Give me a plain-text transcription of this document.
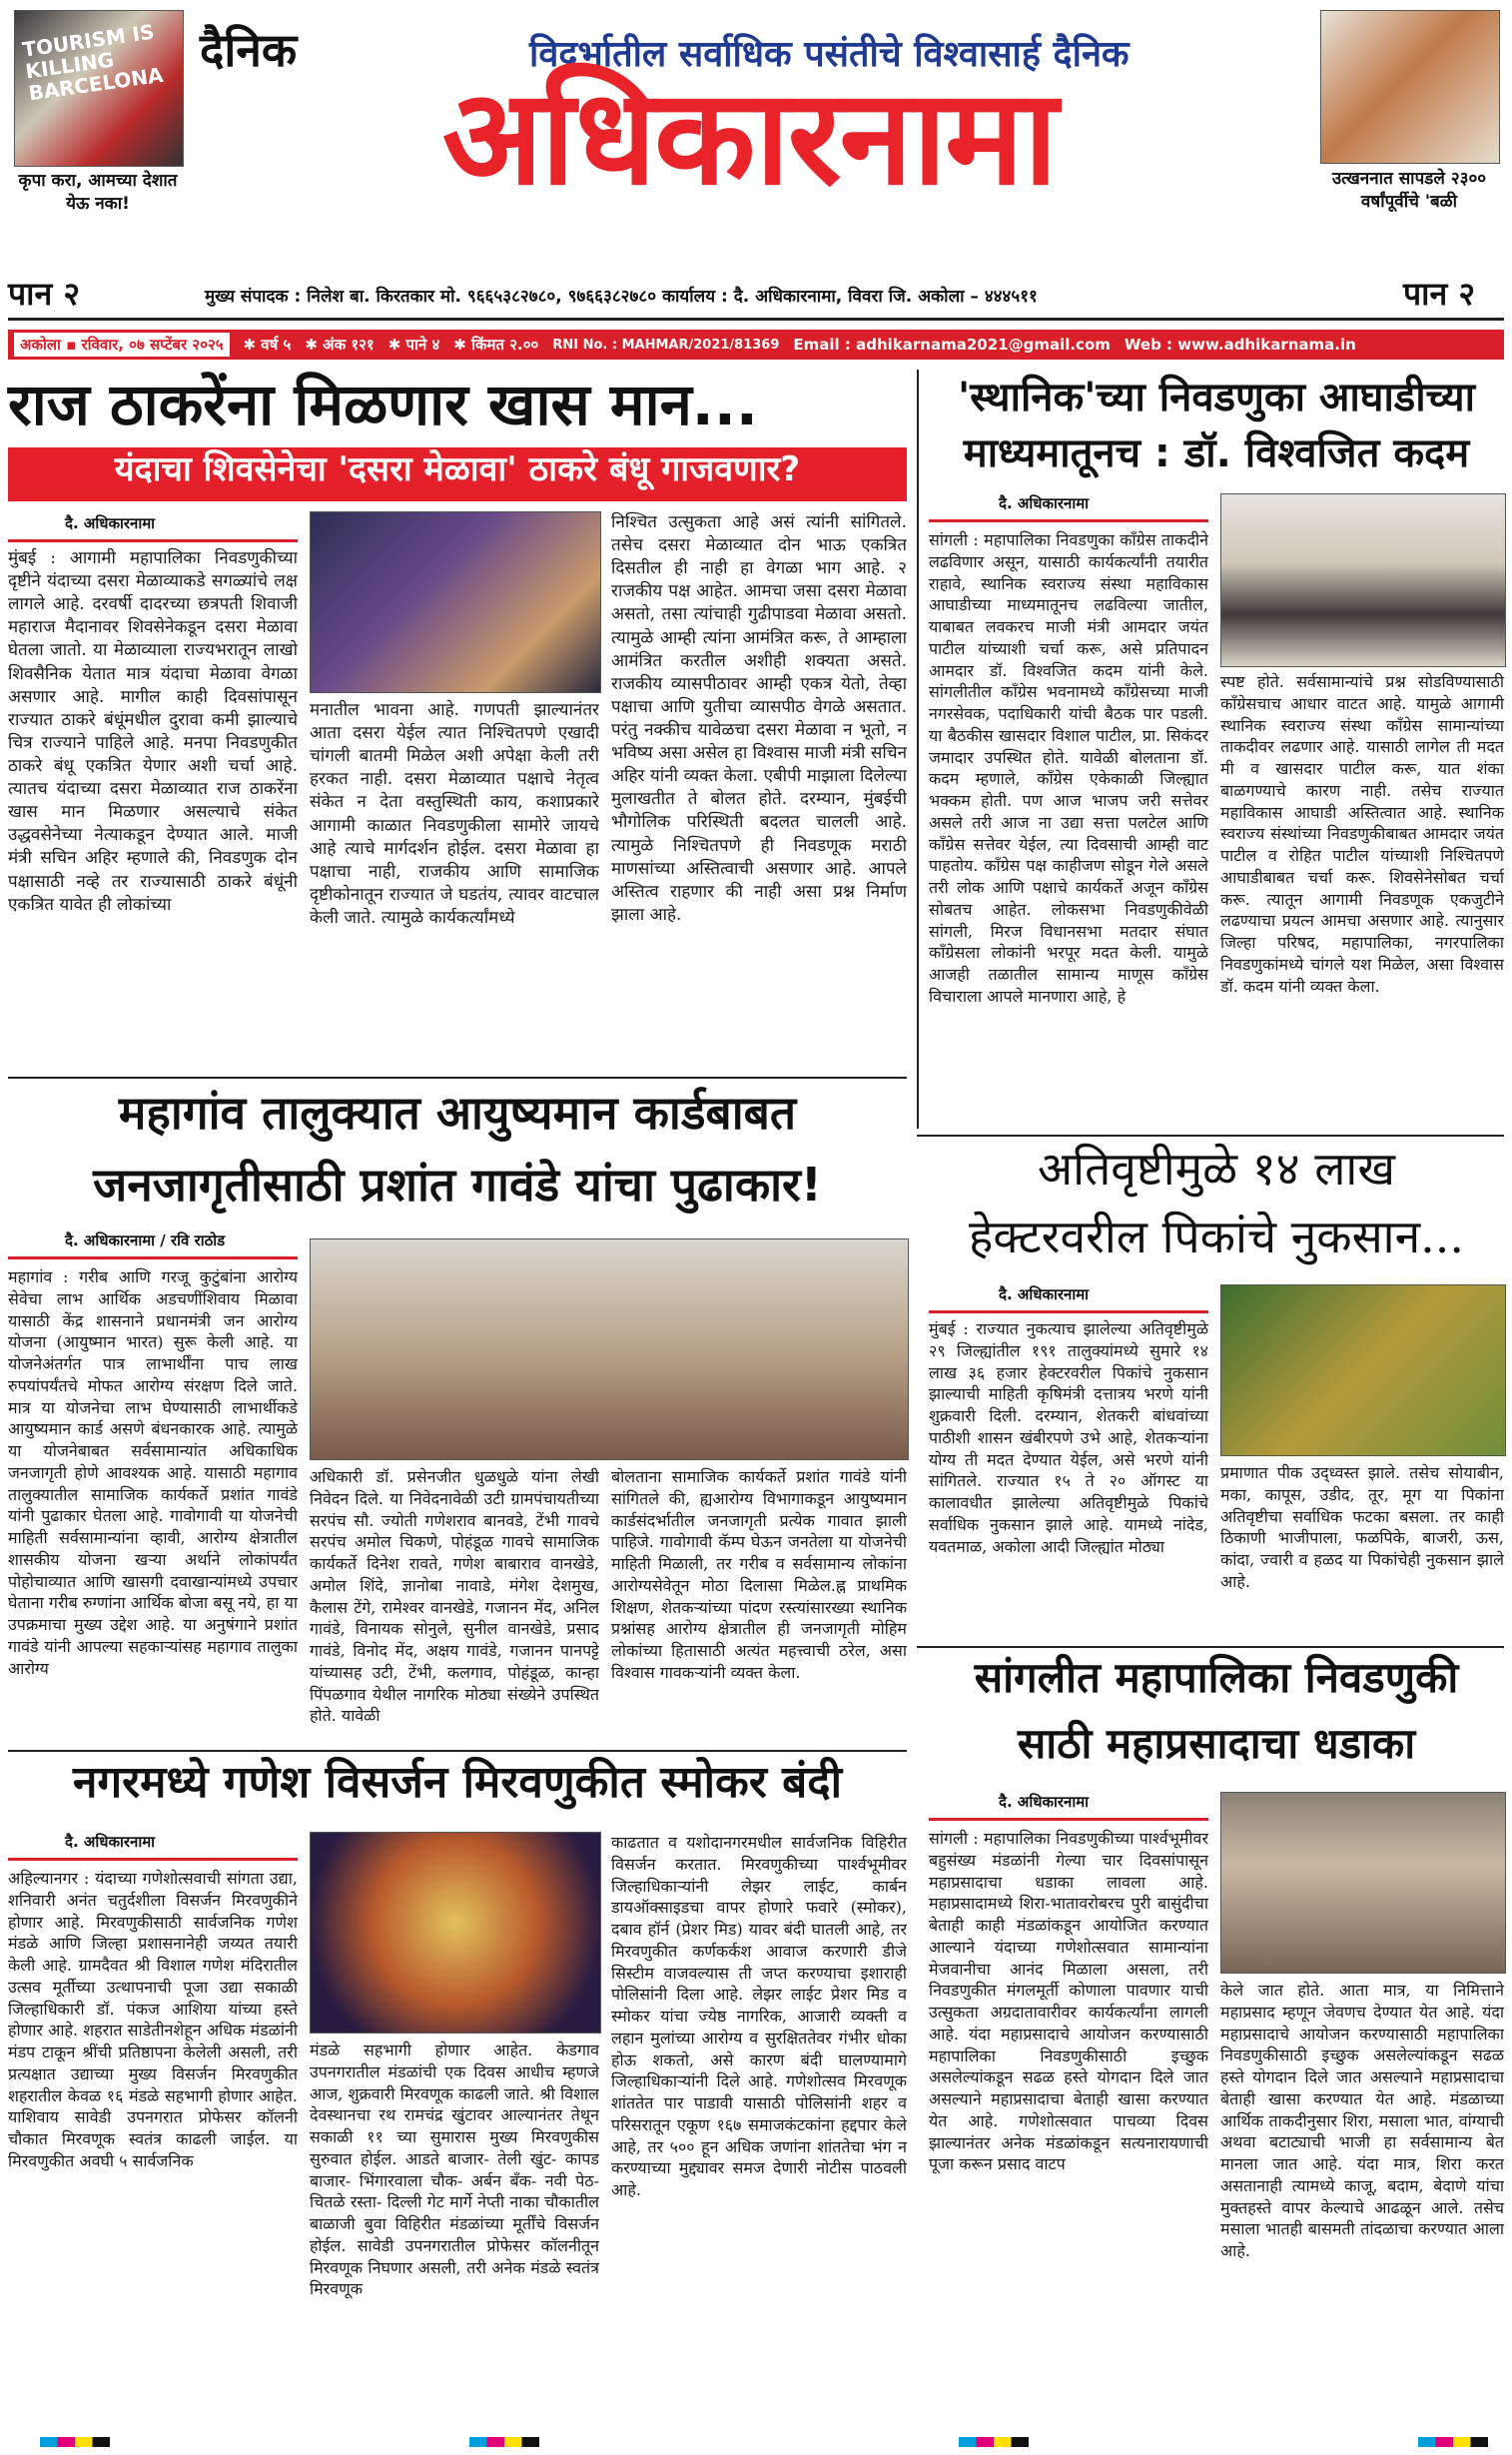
TOURISM IS KILLING BARCELONA
कृपा करा, आमच्या देशात येऊ नका!
दैनिक	विदर्भातील सर्वाधिक पसंतीचे विश्वासार्ह दैनिक
अधिकारनामा	उत्खननात सापडले २३०० वर्षांपूर्वीचे 'बळी
पान २	पान २
मुख्य संपादक : निलेश बा. किरतकार मो. ९६६५३८२७८०, ९७६६३८२७८० कार्यालय : दै. अधिकारनामा, विवरा जि. अकोला – ४४४५११
अकोला ▪ रविवार, ०७ सप्टेंबर २०२५	✱ वर्ष ५ ✱ अंक १२१ ✱ पाने ४ ✱ किंमत २.०० RNI No. : MAHMAR/2021/81369 Email : adhikarnama2021@gmail.com Web : www.adhikarnama.in
राज ठाकरेंना मिळणार खास मान...
यंदाचा शिवसेनेचा 'दसरा मेळावा' ठाकरे बंधू गाजवणार?
दै. अधिकारनामा
मुंबई : आगामी महापालिका निवडणुकीच्या दृष्टीने यंदाच्या दसरा मेळाव्याकडे सगळ्यांचे लक्ष लागले आहे. दरवर्षी दादरच्या छत्रपती शिवाजी महाराज मैदानावर शिवसेनेकडून दसरा मेळावा घेतला जातो. या मेळाव्याला राज्यभरातून लाखो शिवसैनिक येतात मात्र यंदाचा मेळावा वेगळा असणार आहे. मागील काही दिवसांपासून राज्यात ठाकरे बंधूंमधील दुरावा कमी झाल्याचे चित्र राज्याने पाहिले आहे. मनपा निवडणुकीत ठाकरे बंधू एकत्रित येणार अशी चर्चा आहे. त्यातच यंदाच्या दसरा मेळाव्यात राज ठाकरेंना खास मान मिळणार असल्याचे संकेत उद्धवसेनेच्या नेत्याकडून देण्यात आले. माजी मंत्री सचिन अहिर म्हणाले की, निवडणुक दोन पक्षासाठी नव्हे तर राज्यासाठी ठाकरे बंधूंनी एकत्रित यावेत ही लोकांच्या
मनातील भावना आहे. गणपती झाल्यानंतर आता दसरा येईल त्यात निश्चितपणे एखादी चांगली बातमी मिळेल अशी अपेक्षा केली तरी हरकत नाही. दसरा मेळाव्यात पक्षाचे नेतृत्व संकेत न देता वस्तुस्थिती काय, कशाप्रकारे आगामी काळात निवडणुकीला सामोरे जायचे आहे त्याचे मार्गदर्शन होईल. दसरा मेळावा हा पक्षाचा नाही, राजकीय आणि सामाजिक दृष्टीकोनातून राज्यात जे घडतंय, त्यावर वाटचाल केली जाते. त्यामुळे कार्यकर्त्यांमध्ये
निश्चित उत्सुकता आहे असं त्यांनी सांगितले. तसेच दसरा मेळाव्यात दोन भाऊ एकत्रित दिसतील ही नाही हा वेगळा भाग आहे. २ राजकीय पक्ष आहेत. आमचा जसा दसरा मेळावा असतो, तसा त्यांचाही गुढीपाडवा मेळावा असतो. त्यामुळे आम्ही त्यांना आमंत्रित करू, ते आम्हाला आमंत्रित करतील अशीही शक्यता असते. राजकीय व्यासपीठावर आम्ही एकत्र येतो, तेव्हा पक्षाचा आणि युतीचा व्यासपीठ वेगळे असतात. परंतु नक्कीच यावेळचा दसरा मेळावा न भूतो, न भविष्य असा असेल हा विश्वास माजी मंत्री सचिन अहिर यांनी व्यक्त केला. एबीपी माझाला दिलेल्या मुलाखतीत ते बोलत होते. दरम्यान, मुंबईची भौगोलिक परिस्थिती बदलत चालली आहे. त्यामुळे निश्चितपणे ही निवडणूक मराठी माणसांच्या अस्तित्वाची असणार आहे. आपले अस्तित्व राहणार की नाही असा प्रश्न निर्माण झाला आहे.
'स्थानिक'च्या निवडणुका आघाडीच्या माध्यमातूनच : डॉ. विश्वजित कदम
दै. अधिकारनामा
सांगली : महापालिका निवडणुका काँग्रेस ताकदीने लढविणार असून, यासाठी कार्यकर्त्यांनी तयारीत राहावे, स्थानिक स्वराज्य संस्था महाविकास आघाडीच्या माध्यमातूनच लढविल्या जातील, याबाबत लवकरच माजी मंत्री आमदार जयंत पाटील यांच्याशी चर्चा करू, असे प्रतिपादन आमदार डॉ. विश्वजित कदम यांनी केले. सांगलीतील काँग्रेस भवनामध्ये काँग्रेसच्या माजी नगरसेवक, पदाधिकारी यांची बैठक पार पडली. या बैठकीस खासदार विशाल पाटील, प्रा. सिकंदर जमादार उपस्थित होते. यावेळी बोलताना डॉ. कदम म्हणाले, काँग्रेस एकेकाळी जिल्ह्यात भक्कम होती. पण आज भाजप जरी सत्तेवर असले तरी आज ना उद्या सत्ता पलटेल आणि काँग्रेस सत्तेवर येईल, त्या दिवसाची आम्ही वाट पाहतोय. काँग्रेस पक्ष काहीजण सोडून गेले असले तरी लोक आणि पक्षाचे कार्यकर्ते अजून काँग्रेस सोबतच आहेत. लोकसभा निवडणुकीवेळी सांगली, मिरज विधानसभा मतदार संघात काँग्रेसला लोकांनी भरपूर मदत केली. यामुळे आजही तळातील सामान्य माणूस काँग्रेस विचाराला आपले मानणारा आहे, हे
स्पष्ट होते. सर्वसामान्यांचे प्रश्न सोडविण्यासाठी काँग्रेसचाच आधार वाटत आहे. यामुळे आगामी स्थानिक स्वराज्य संस्था काँग्रेस सामान्यांच्या ताकदीवर लढणार आहे. यासाठी लागेल ती मदत मी व खासदार पाटील करू, यात शंका बाळगण्याचे कारण नाही. तसेच राज्यात महाविकास आघाडी अस्तित्वात आहे. स्थानिक स्वराज्य संस्थांच्या निवडणुकीबाबत आमदार जयंत पाटील व रोहित पाटील यांच्याशी निश्चितपणे आघाडीबाबत चर्चा करू. शिवसेनेसोबत चर्चा करू. त्यातून आगामी निवडणूक एकजुटीने लढण्याचा प्रयत्न आमचा असणार आहे. त्यानुसार जिल्हा परिषद, महापालिका, नगरपालिका निवडणुकांमध्ये चांगले यश मिळेल, असा विश्वास डॉ. कदम यांनी व्यक्त केला.
महागांव तालुक्यात आयुष्यमान कार्डबाबत
जनजागृतीसाठी प्रशांत गावंडे यांचा पुढाकार!
दै. अधिकारनामा / रवि राठोड
महागांव : गरीब आणि गरजू कुटुंबांना आरोग्य सेवेचा लाभ आर्थिक अडचणींशिवाय मिळावा यासाठी केंद्र शासनाने प्रधानमंत्री जन आरोग्य योजना (आयुष्मान भारत) सुरू केली आहे. या योजनेअंतर्गत पात्र लाभार्थींना पाच लाख रुपयांपर्यंतचे मोफत आरोग्य संरक्षण दिले जाते. मात्र या योजनेचा लाभ घेण्यासाठी लाभार्थीकडे आयुष्यमान कार्ड असणे बंधनकारक आहे. त्यामुळे या योजनेबाबत सर्वसामान्यांत अधिकाधिक जनजागृती होणे आवश्यक आहे. यासाठी महागाव तालुक्यातील सामाजिक कार्यकर्ते प्रशांत गावंडे यांनी पुढाकार घेतला आहे. गावोगावी या योजनेची माहिती सर्वसामान्यांना व्हावी, आरोग्य क्षेत्रातील शासकीय योजना खऱ्या अर्थाने लोकांपर्यंत पोहोचाव्यात आणि खासगी दवाखान्यांमध्ये उपचार घेताना गरीब रुग्णांना आर्थिक बोजा बसू नये, हा या उपक्रमाचा मुख्य उद्देश आहे. या अनुषंगाने प्रशांत गावंडे यांनी आपल्या सहकाऱ्यांसह महागाव तालुका आरोग्य
अधिकारी डॉ. प्रसेनजीत धुळधुळे यांना लेखी निवेदन दिले. या निवेदनावेळी उटी ग्रामपंचायतीच्या सरपंच सौ. ज्योती गणेशराव बानवडे, टेंभी गावचे सरपंच अमोल चिकणे, पोहंडूळ गावचे सामाजिक कार्यकर्ते दिनेश रावते, गणेश बाबाराव वानखेडे, अमोल शिंदे, ज्ञानोबा नावाडे, मंगेश देशमुख, कैलास टेंगे, रामेश्वर वानखेडे, गजानन मेंद, अनिल गावंडे, विनायक सोनुले, सुनील वानखेडे, प्रसाद गावंडे, विनोद मेंद, अक्षय गावंडे, गजानन पानपट्टे यांच्यासह उटी, टेंभी, कलगाव, पोहंडूळ, कान्हा पिंपळगाव येथील नागरिक मोठ्या संख्येने उपस्थित होते. यावेळी
बोलताना सामाजिक कार्यकर्ते प्रशांत गावंडे यांनी सांगितले की, ह्यआरोग्य विभागाकडून आयुष्यमान कार्डसंदर्भातील जनजागृती प्रत्येक गावात झाली पाहिजे. गावोगावी कॅम्प घेऊन जनतेला या योजनेची माहिती मिळाली, तर गरीब व सर्वसामान्य लोकांना आरोग्यसेवेतून मोठा दिलासा मिळेल.ह्न प्राथमिक शिक्षण, शेतकऱ्यांच्या पांदण रस्त्यांसारख्या स्थानिक प्रश्नांसह आरोग्य क्षेत्रातील ही जनजागृती मोहिम लोकांच्या हितासाठी अत्यंत महत्त्वाची ठरेल, असा विश्वास गावकऱ्यांनी व्यक्त केला.
अतिवृष्टीमुळे १४ लाख
हेक्टरवरील पिकांचे नुकसान...
दै. अधिकारनामा
मुंबई : राज्यात नुकत्याच झालेल्या अतिवृष्टीमुळे २९ जिल्ह्यांतील १९१ तालुक्यांमध्ये सुमारे १४ लाख ३६ हजार हेक्टरवरील पिकांचे नुकसान झाल्याची माहिती कृषिमंत्री दत्तात्रय भरणे यांनी शुक्रवारी दिली. दरम्यान, शेतकरी बांधवांच्या पाठीशी शासन खंबीरपणे उभे आहे, शेतकऱ्यांना योग्य ती मदत देण्यात येईल, असे भरणे यांनी सांगितले. राज्यात १५ ते २० ऑगस्ट या कालावधीत झालेल्या अतिवृष्टीमुळे पिकांचे सर्वाधिक नुकसान झाले आहे. यामध्ये नांदेड, यवतमाळ, अकोला आदी जिल्ह्यांत मोठ्या
प्रमाणात पीक उद्ध्वस्त झाले. तसेच सोयाबीन, मका, कापूस, उडीद, तूर, मूग या पिकांना अतिवृष्टीचा सर्वाधिक फटका बसला. तर काही ठिकाणी भाजीपाला, फळपिके, बाजरी, ऊस, कांदा, ज्वारी व हळद या पिकांचेही नुकसान झाले आहे.
नगरमध्ये गणेश विसर्जन मिरवणुकीत स्मोकर बंदी
दै. अधिकारनामा
अहिल्यानगर : यंदाच्या गणेशोत्सवाची सांगता उद्या, शनिवारी अनंत चतुर्दशीला विसर्जन मिरवणुकीने होणार आहे. मिरवणुकीसाठी सार्वजनिक गणेश मंडळे आणि जिल्हा प्रशासनानेही जय्यत तयारी केली आहे. ग्रामदैवत श्री विशाल गणेश मंदिरातील उत्सव मूर्तीच्या उत्थापनाची पूजा उद्या सकाळी जिल्हाधिकारी डॉ. पंकज आशिया यांच्या हस्ते होणार आहे. शहरात साडेतीनशेहून अधिक मंडळांनी मंडप टाकून श्रींची प्रतिष्ठापना केलेली असली, तरी प्रत्यक्षात उद्याच्या मुख्य विसर्जन मिरवणुकीत शहरातील केवळ १६ मंडळे सहभागी होणार आहेत. याशिवाय सावेडी उपनगरात प्रोफेसर कॉलनी चौकात मिरवणूक स्वतंत्र काढली जाईल. या मिरवणुकीत अवघी ५ सार्वजनिक
मंडळे सहभागी होणार आहेत. केडगाव उपनगरातील मंडळांची एक दिवस आधीच म्हणजे आज, शुक्रवारी मिरवणूक काढली जाते. श्री विशाल देवस्थानचा रथ रामचंद्र खुंटावर आल्यानंतर तेथून सकाळी ११ च्या सुमारास मुख्य मिरवणुकीस सुरुवात होईल. आडते बाजार- तेली खुंट- कापड बाजार- भिंगारवाला चौक- अर्बन बँक- नवी पेठ- चितळे रस्ता- दिल्ली गेट मार्गे नेप्ती नाका चौकातील बाळाजी बुवा विहिरीत मंडळांच्या मूर्तींचे विसर्जन होईल. सावेडी उपनगरातील प्रोफेसर कॉलनीतून मिरवणूक निघणार असली, तरी अनेक मंडळे स्वतंत्र मिरवणूक
काढतात व यशोदानगरमधील सार्वजनिक विहिरीत विसर्जन करतात. मिरवणुकीच्या पार्श्वभूमीवर जिल्हाधिकाऱ्यांनी लेझर लाईट, कार्बन डायऑक्साइडचा वापर होणारे फवारे (स्मोकर), दबाव हॉर्न (प्रेशर मिड) यावर बंदी घातली आहे, तर मिरवणुकीत कर्णकर्कश आवाज करणारी डीजे सिस्टीम वाजवल्यास ती जप्त करण्याचा इशाराही पोलिसांनी दिला आहे. लेझर लाईट प्रेशर मिड व स्मोकर यांचा ज्येष्ठ नागरिक, आजारी व्यक्ती व लहान मुलांच्या आरोग्य व सुरक्षिततेवर गंभीर धोका होऊ शकतो, असे कारण बंदी घालण्यामागे जिल्हाधिकाऱ्यांनी दिले आहे. गणेशोत्सव मिरवणूक शांततेत पार पाडावी यासाठी पोलिसांनी शहर व परिसरातून एकूण १६७ समाजकंटकांना हद्दपार केले आहे, तर ५०० हून अधिक जणांना शांततेचा भंग न करण्याच्या मुद्द्यावर समज देणारी नोटीस पाठवली आहे.
सांगलीत महापालिका निवडणुकी
साठी महाप्रसादाचा धडाका
दै. अधिकारनामा
सांगली : महापालिका निवडणुकीच्या पार्श्वभूमीवर बहुसंख्य मंडळांनी गेल्या चार दिवसांपासून महाप्रसादाचा धडाका लावला आहे. महाप्रसादामध्ये शिरा-भातावरोबरच पुरी बासुंदीचा बेताही काही मंडळांकडून आयोजित करण्यात आल्याने यंदाच्या गणेशोत्सवात सामान्यांना मेजवानीचा आनंद मिळाला असला, तरी निवडणुकीत मंगलमूर्ती कोणाला पावणार याची उत्सुकता अग्रदातावारीवर कार्यकर्त्यांना लागली आहे. यंदा महाप्रसादाचे आयोजन करण्यासाठी महापालिका निवडणुकीसाठी इच्छुक असलेल्यांकडून सढळ हस्ते योगदान दिले जात असल्याने महाप्रसादाचा बेताही खासा करण्यात येत आहे. गणेशोत्सवात पाचव्या दिवस झाल्यानंतर अनेक मंडळांकडून सत्यनारायणाची पूजा करून प्रसाद वाटप
केले जात होते. आता मात्र, या निमित्ताने महाप्रसाद म्हणून जेवणच देण्यात येत आहे. यंदा महाप्रसादाचे आयोजन करण्यासाठी महापालिका निवडणुकीसाठी इच्छुक असलेल्यांकडून सढळ हस्ते योगदान दिले जात असल्याने महाप्रसादाचा बेताही खासा करण्यात येत आहे. मंडळाच्या आर्थिक ताकदीनुसार शिरा, मसाला भात, वांग्याची अथवा बटाट्याची भाजी हा सर्वसामान्य बेत मानला जात आहे. यंदा मात्र, शिरा करत असतानाही त्यामध्ये काजू, बदाम, बेदाणे यांचा मुक्तहस्ते वापर केल्याचे आढळून आले. तसेच मसाला भातही बासमती तांदळाचा करण्यात आला आहे.
